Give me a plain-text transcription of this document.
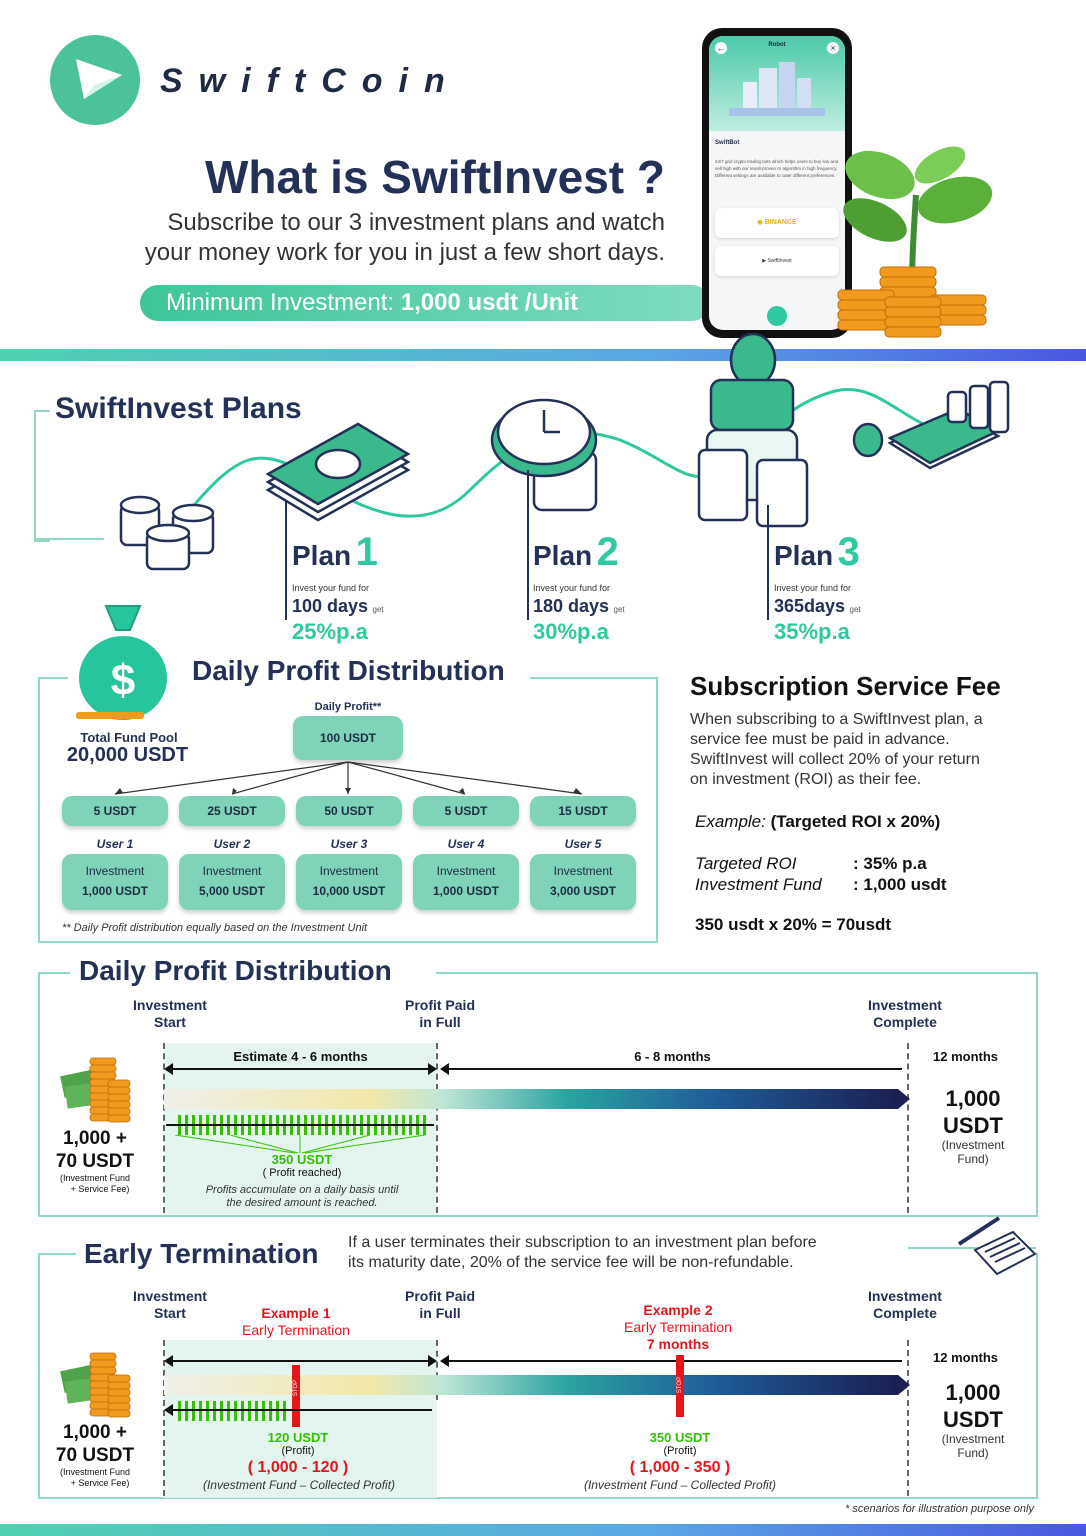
SwiftCoin
What is SwiftInvest ?
Subscribe to our 3 investment plans and watch
your money work for you in just a few short days.
Minimum Investment: 1,000 usdt /Unit
←	×
Robot
SwiftBot
24/7 grid crypto trading bots which helps users to buy low and sell high with our result-proven AI algorithm in high frequency. Different settings are available to cater different preferences.
◆ BINANCE
▶ SwiftInvest
SwiftInvest Plans
Plan 1
Invest your fund for
100 days get
25%p.a
Plan 2
Invest your fund for
180 days get
30%p.a
Plan 3
Invest your fund for
365days get
35%p.a
$ Daily Profit Distribution
Total Fund Pool
20,000 USDT
Daily Profit**
100 USDT
5 USDT	25 USDT	50 USDT	5 USDT	15 USDT
User 1	User 2	User 3	User 4	User 5
Investment
1,000 USDT
Investment
5,000 USDT
Investment
10,000 USDT
Investment
1,000 USDT
Investment
3,000 USDT
** Daily Profit distribution equally based on the Investment Unit
Subscription Service Fee
When subscribing to a SwiftInvest plan, a
service fee must be paid in advance.
SwiftInvest will collect 20% of your return
on investment (ROI) as their fee.
Example: (Targeted ROI x 20%)
Targeted ROI	: 35% p.a
Investment Fund : 1,000 usdt
350 usdt x 20% = 70usdt
Daily Profit Distribution
Investment
Start
Profit Paid
in Full
Investment
Complete
Estimate 4 - 6 months	6 - 8 months	12 months
350 USDT
( Profit reached)
Profits accumulate on a daily basis until
the desired amount is reached.
1,000 +
70 USDT
(Investment Fund
+ Service Fee)
1,000
USDT
(Investment
Fund)
Early Termination If a user terminates their subscription to an investment plan before
its maturity date, 20% of the service fee will be non-refundable.
Investment
Start
Profit Paid
in Full
Investment
Complete
Example 1
Early Termination
Example 2
Early Termination
7 months
12 months
STOP	STOP
120 USDT
(Profit)
( 1,000 - 120 )
(Investment Fund – Collected Profit)
350 USDT
(Profit)
( 1,000 - 350 )
(Investment Fund – Collected Profit)
1,000 +
70 USDT
(Investment Fund
+ Service Fee)
1,000
USDT
(Investment
Fund)
* scenarios for illustration purpose only
